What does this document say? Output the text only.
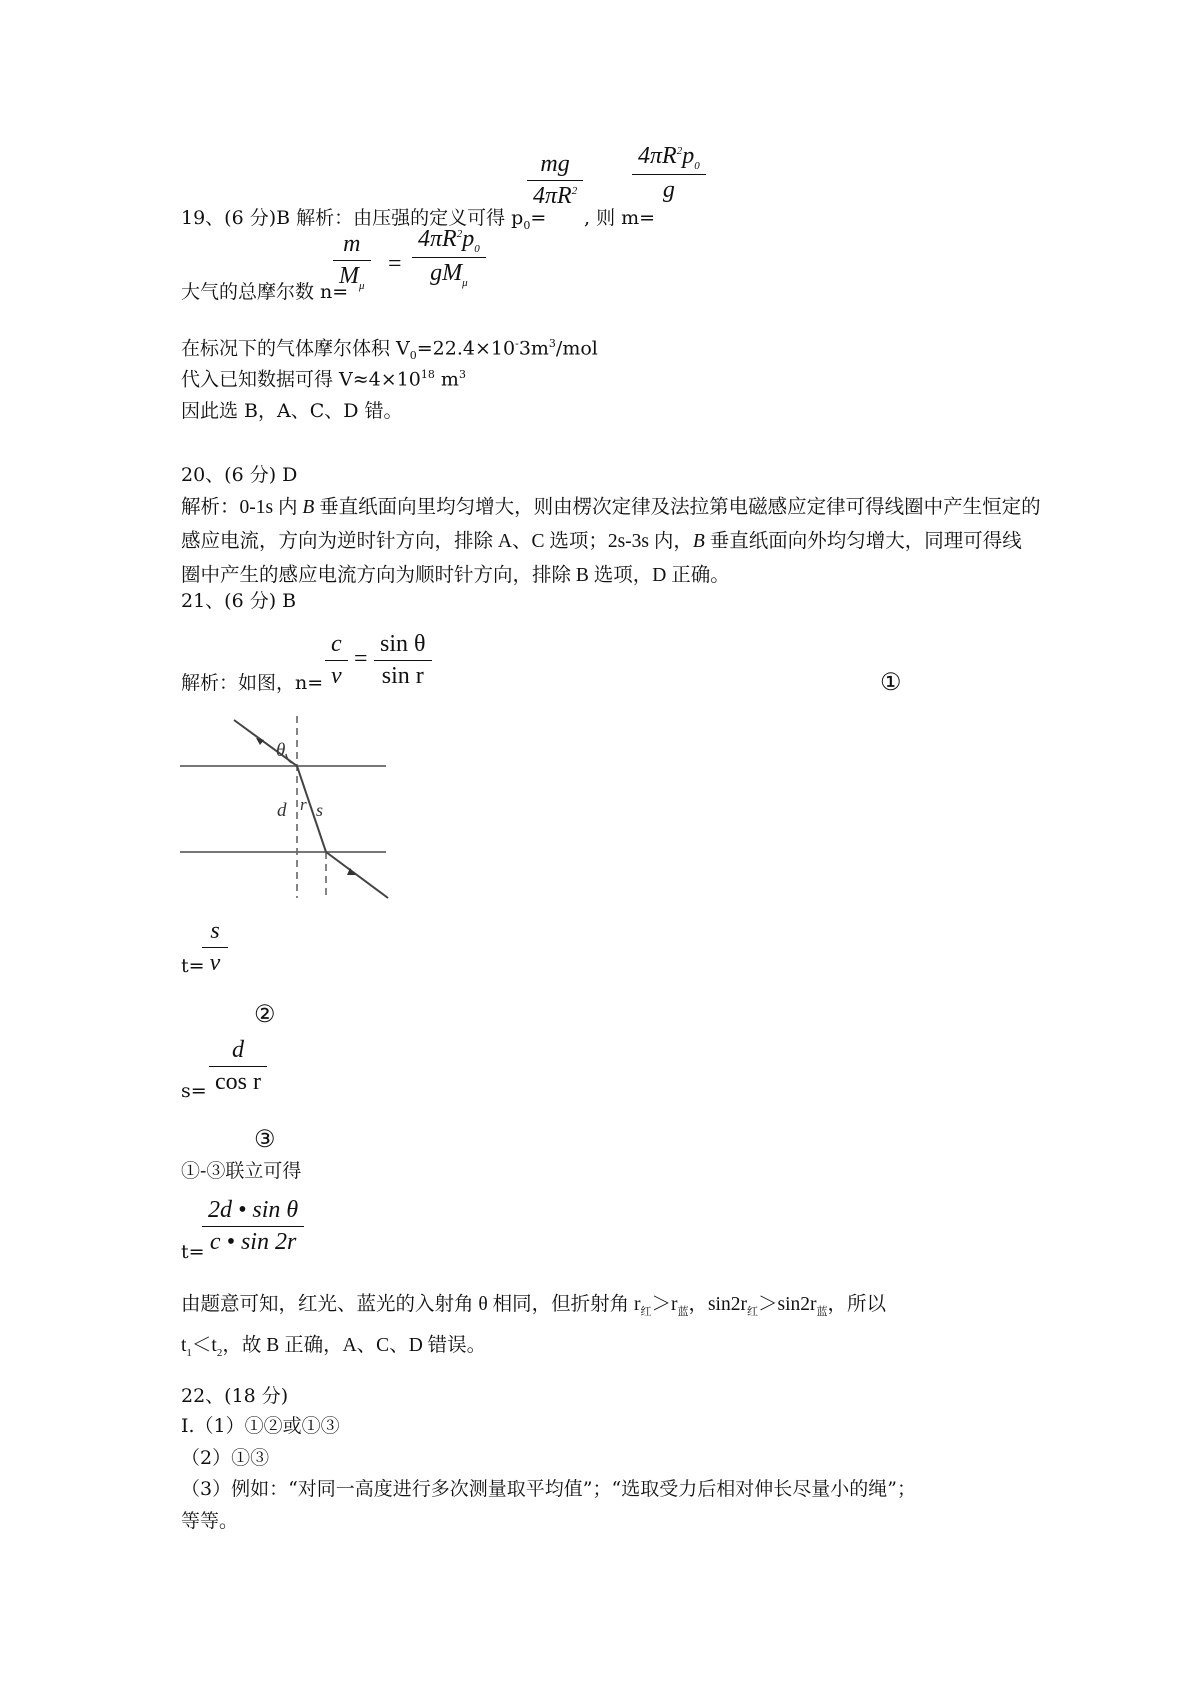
19、(6 分)B 解析：由压强的定义可得 $p_0=$
mg
$4\pi R^2$
, 则 m=
$4\pi R^2p_0$
g
大气的总摩尔数 n=
m
$M_\mu$
=
$4\pi R^2p_0$
$gM_\mu$
在标况下的气体摩尔体积 $V_0=22.4\times 10^-3m^3$/mol
代入已知数据可得 $V\approx 4\times 10^{18}$ $m^3$
因此选 B，A、C、D 错。
20、(6 分) D
解析：0-1s 内 B 垂直纸面向里均匀增大，则由楞次定律及法拉第电磁感应定律可得线圈中产生恒定的感应电流，方向为逆时针方向，排除 A、C 选项；2s-3s 内，B 垂直纸面向外均匀增大，同理可得线圈中产生的感应电流方向为顺时针方向，排除 B 选项，D 正确。
21、(6 分) B
解析：如图，n=
c
v
=
sin θ
sin r	①
θ
d r s
t=
s
v
②
s=
d
cos r
③
①-③联立可得
t=
2d • sin θ
c • sin 2r
由题意可知，红光、蓝光的入射角 θ 相同，但折射角 $r_红>r_蓝$，$\sin 2r_红>\sin 2r_蓝$，所以
$t_1<t_2$，故 B 正确，A、C、D 错误。
22、(18 分)
Ⅰ.（1）①②或①③
（2）①③
（3）例如：“对同一高度进行多次测量取平均值”；“选取受力后相对伸长尽量小的绳”；
等等。
